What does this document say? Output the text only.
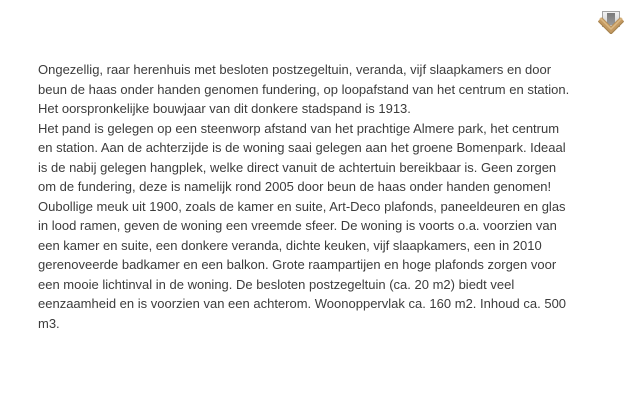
Ongezellig, raar herenhuis met besloten postzegeltuin, veranda, vijf slaapkamers en door
beun de haas onder handen genomen fundering, op loopafstand van het centrum en station.
Het oorspronkelijke bouwjaar van dit donkere stadspand is 1913.
Het pand is gelegen op een steenworp afstand van het prachtige Almere park, het centrum
en station. Aan de achterzijde is de woning saai gelegen aan het groene Bomenpark. Ideaal
is de nabij gelegen hangplek, welke direct vanuit de achtertuin bereikbaar is. Geen zorgen
om de fundering, deze is namelijk rond 2005 door beun de haas onder handen genomen!
Oubollige meuk uit 1900, zoals de kamer en suite, Art-Deco plafonds, paneeldeuren en glas
in lood ramen, geven de woning een vreemde sfeer. De woning is voorts o.a. voorzien van
een kamer en suite, een donkere veranda, dichte keuken, vijf slaapkamers, een in 2010
gerenoveerde badkamer en een balkon. Grote raampartijen en hoge plafonds zorgen voor
een mooie lichtinval in de woning. De besloten postzegeltuin (ca. 20 m2) biedt veel
eenzaamheid en is voorzien van een achterom. Woonoppervlak ca. 160 m2. Inhoud ca. 500
m3.
